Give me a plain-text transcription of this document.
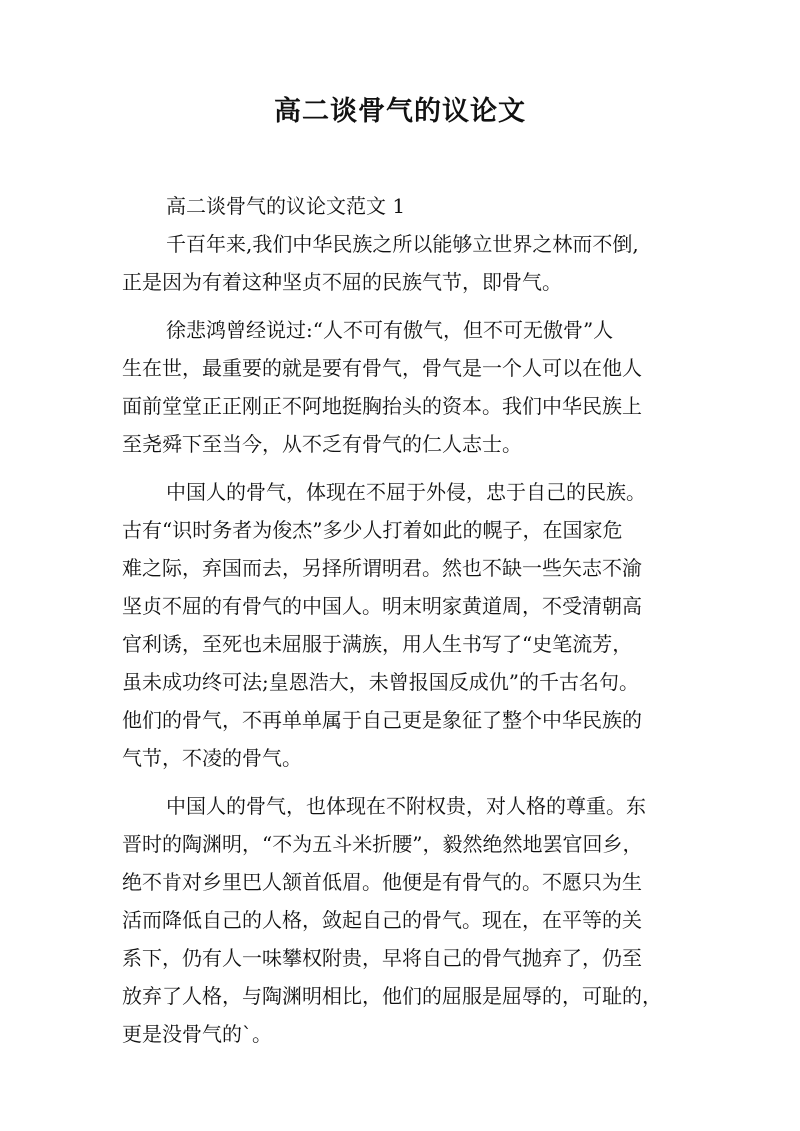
高二谈骨气的议论文
高二谈骨气的议论文范文 1
千百年来,我们中华民族之所以能够立世界之林而不倒,
正是因为有着这种坚贞不屈的民族气节，即骨气。
徐悲鸿曾经说过:“人不可有傲气，但不可无傲骨”人
生在世，最重要的就是要有骨气，骨气是一个人可以在他人
面前堂堂正正刚正不阿地挺胸抬头的资本。我们中华民族上
至尧舜下至当今，从不乏有骨气的仁人志士。
中国人的骨气，体现在不屈于外侵，忠于自己的民族。
古有“识时务者为俊杰”多少人打着如此的幌子，在国家危
难之际，弃国而去，另择所谓明君。然也不缺一些矢志不渝
坚贞不屈的有骨气的中国人。明末明家黄道周，不受清朝高
官利诱，至死也未屈服于满族，用人生书写了“史笔流芳，
虽未成功终可法;皇恩浩大，未曾报国反成仇”的千古名句。
他们的骨气，不再单单属于自己更是象征了整个中华民族的
气节，不凌的骨气。
中国人的骨气，也体现在不附权贵，对人格的尊重。东
晋时的陶渊明，“不为五斗米折腰”，毅然绝然地罢官回乡，
绝不肯对乡里巴人颔首低眉。他便是有骨气的。不愿只为生
活而降低自己的人格，敛起自己的骨气。现在，在平等的关
系下，仍有人一味攀权附贵，早将自己的骨气抛弃了，仍至
放弃了人格，与陶渊明相比，他们的屈服是屈辱的，可耻的，
更是没骨气的`。
